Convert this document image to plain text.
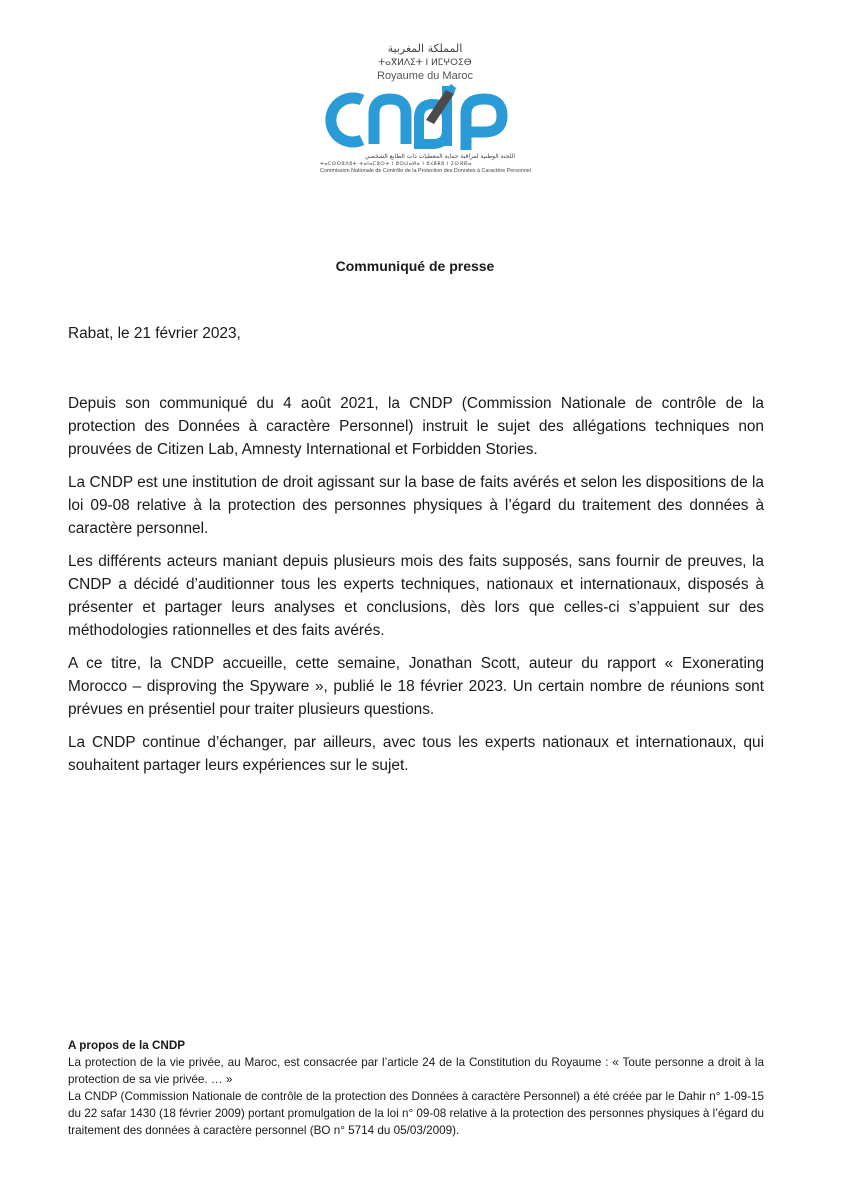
المملكة المغربية
ⵜⴰⴳⵍⴷⵉⵜ ⵏ ⵍⵎⵖⵔⵉⴱ
Royaume du Maroc
اللجنة الوطنية لمراقبة حماية المعطيات ذات الطابع الشخصي
ⵜⴰⵎⵙⵙⵓⴷⵓⵜ ⵜⴰⵏⴰⵎⵓⵔⵜ ⵏ ⵓⵙⵡⴰⵍⴰ ⵏ ⵓⵃⵟⵟⵓ ⵏ ⵉⵙⴼⴽⴰ
Commission Nationale de Contrôle de la Protection des Données à Caractère Personnel
Communiqué de presse
Rabat, le 21 février 2023,

Depuis son communiqué du 4 août 2021, la CNDP (Commission Nationale de contrôle de la protection des Données à caractère Personnel) instruit le sujet des allégations techniques non prouvées de Citizen Lab, Amnesty International et Forbidden Stories.

La CNDP est une institution de droit agissant sur la base de faits avérés et selon les dispositions de la loi 09-08 relative à la protection des personnes physiques à l’égard du traitement des données à caractère personnel.

Les différents acteurs maniant depuis plusieurs mois des faits supposés, sans fournir de preuves, la CNDP a décidé d’auditionner tous les experts techniques, nationaux et internationaux, disposés à présenter et partager leurs analyses et conclusions, dès lors que celles-ci s’appuient sur des méthodologies rationnelles et des faits avérés.

A ce titre, la CNDP accueille, cette semaine, Jonathan Scott, auteur du rapport « Exonerating Morocco – disproving the Spyware », publié le 18 février 2023. Un certain nombre de réunions sont prévues en présentiel pour traiter plusieurs questions.

La CNDP continue d’échanger, par ailleurs, avec tous les experts nationaux et internationaux, qui souhaitent partager leurs expériences sur le sujet.

A propos de la CNDP

La protection de la vie privée, au Maroc, est consacrée par l’article 24 de la Constitution du Royaume : « Toute personne a droit à la protection de sa vie privée. … »

La CNDP (Commission Nationale de contrôle de la protection des Données à caractère Personnel) a été créée par le Dahir n° 1-09-15 du 22 safar 1430 (18 février 2009) portant promulgation de la loi n° 09-08 relative à la protection des personnes physiques à l’égard du traitement des données à caractère personnel (BO n° 5714 du 05/03/2009).
